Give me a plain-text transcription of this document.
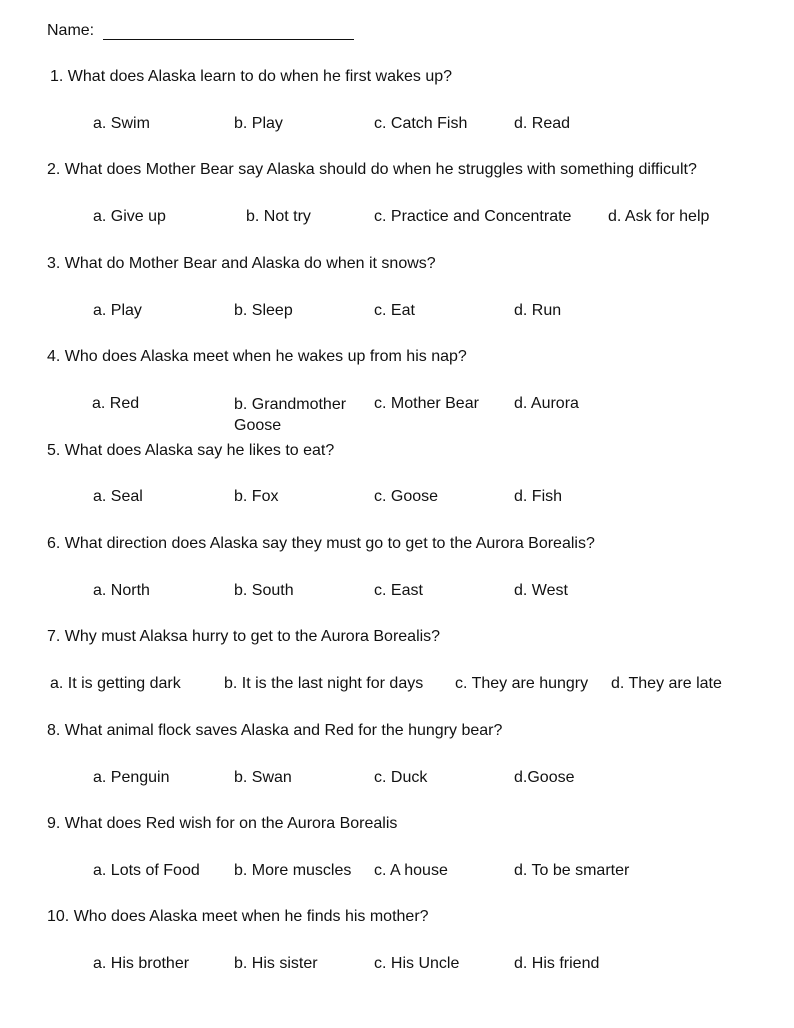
Name:
1. What does Alaska learn to do when he first wakes up?
a. Swim	b. Play	c. Catch Fish	d. Read
2. What does Mother Bear say Alaska should do when he struggles with something difficult?
a. Give up	b. Not try	c. Practice and Concentrate d. Ask for help
3. What do Mother Bear and Alaska do when it snows?
a. Play	b. Sleep	c. Eat	d. Run
4. Who does Alaska meet when he wakes up from his nap?
a. Red	b. Grandmother Goose
c. Mother Bear d. Aurora
5. What does Alaska say he likes to eat?
a. Seal	b. Fox	c. Goose	d. Fish
6. What direction does Alaska say they must go to get to the Aurora Borealis?
a. North	b. South	c. East	d. West
7. Why must Alaksa hurry to get to the Aurora Borealis?
a. It is getting dark	b. It is the last night for days c. They are hungry d. They are late
8. What animal flock saves Alaska and Red for the hungry bear?
a. Penguin	b. Swan	c. Duck	d.Goose
9. What does Red wish for on the Aurora Borealis
a. Lots of Food b. More muscles c. A house	d. To be smarter
10. Who does Alaska meet when he finds his mother?
a. His brother	b. His sister	c. His Uncle	d. His friend
